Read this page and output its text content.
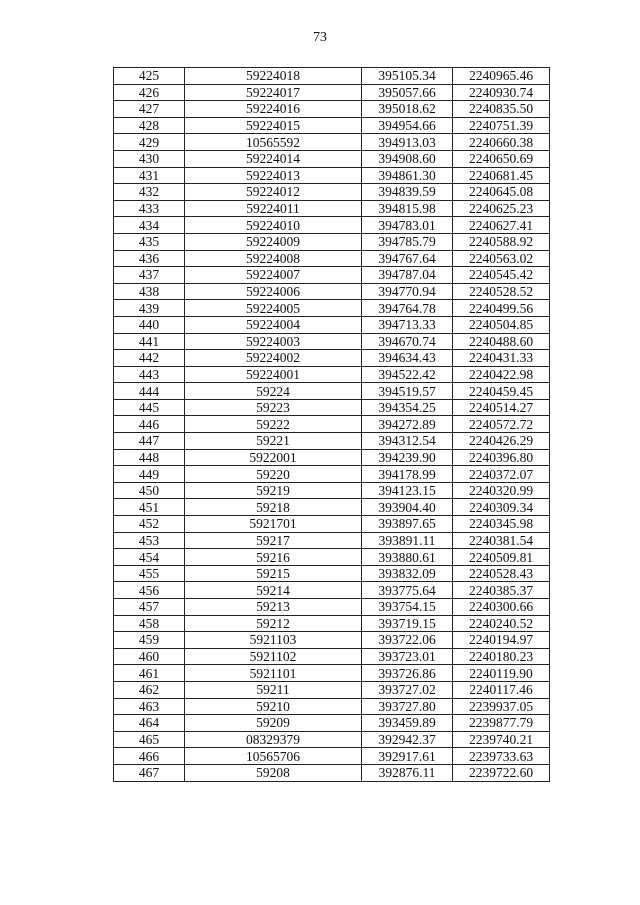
73
425	59224018	395105.34	2240965.46
426	59224017	395057.66	2240930.74
427	59224016	395018.62	2240835.50
428	59224015	394954.66	2240751.39
429	10565592	394913.03	2240660.38
430	59224014	394908.60	2240650.69
431	59224013	394861.30	2240681.45
432	59224012	394839.59	2240645.08
433	59224011	394815.98	2240625.23
434	59224010	394783.01	2240627.41
435	59224009	394785.79	2240588.92
436	59224008	394767.64	2240563.02
437	59224007	394787.04	2240545.42
438	59224006	394770.94	2240528.52
439	59224005	394764.78	2240499.56
440	59224004	394713.33	2240504.85
441	59224003	394670.74	2240488.60
442	59224002	394634.43	2240431.33
443	59224001	394522.42	2240422.98
444	59224	394519.57	2240459.45
445	59223	394354.25	2240514.27
446	59222	394272.89	2240572.72
447	59221	394312.54	2240426.29
448	5922001	394239.90	2240396.80
449	59220	394178.99	2240372.07
450	59219	394123.15	2240320.99
451	59218	393904.40	2240309.34
452	5921701	393897.65	2240345.98
453	59217	393891.11	2240381.54
454	59216	393880.61	2240509.81
455	59215	393832.09	2240528.43
456	59214	393775.64	2240385.37
457	59213	393754.15	2240300.66
458	59212	393719.15	2240240.52
459	5921103	393722.06	2240194.97
460	5921102	393723.01	2240180.23
461	5921101	393726.86	2240119.90
462	59211	393727.02	2240117.46
463	59210	393727.80	2239937.05
464	59209	393459.89	2239877.79
465	08329379	392942.37	2239740.21
466	10565706	392917.61	2239733.63
467	59208	392876.11	2239722.60
